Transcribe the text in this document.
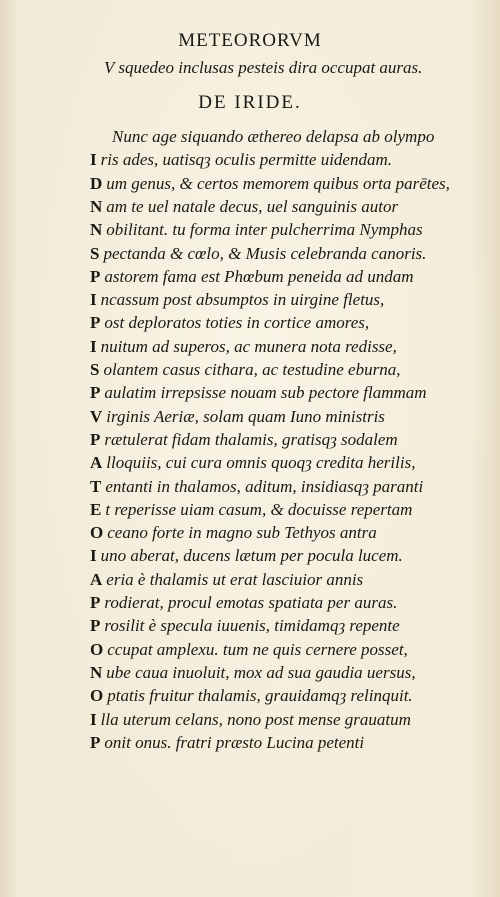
METEORORVM
V squedeo inclusas pesteis dira occupat auras.
DE IRIDE.
Nunc age siquando æthereo delapsa ab olympo
I ris ades, uatisqȝ oculis permitte uidendam.
D um genus, & certos memorem quibus orta parētes,
N am te uel natale decus, uel sanguinis autor
N obilitant. tu forma inter pulcherrima Nymphas
S pectanda & cœlo, & Musis celebranda canoris.
P astorem fama est Phœbum peneida ad undam
I ncassum post absumptos in uirgine fletus,
P ost deploratos toties in cortice amores,
I nuitum ad superos, ac munera nota redisse,
S olantem casus cithara, ac testudine eburna,
P aulatim irrepsisse nouam sub pectore flammam
V irginis Aeriæ, solam quam Iuno ministris
P rætulerat fidam thalamis, gratisqȝ sodalem
A lloquiis, cui cura omnis quoqȝ credita herilis,
T entanti in thalamos, aditum, insidiasqȝ paranti
E t reperisse uiam casum, & docuisse repertam
O ceano forte in magno sub Tethyos antra
I uno aberat, ducens lætum per pocula lucem.
A eria è thalamis ut erat lasciuior annis
P rodierat, procul emotas spatiata per auras.
P rosilit è specula iuuenis, timidamqȝ repente
O ccupat amplexu. tum ne quis cernere posset,
N ube caua inuoluit, mox ad sua gaudia uersus,
O ptatis fruitur thalamis, grauidamqȝ relinquit.
I lla uterum celans, nono post mense grauatum
P onit onus. fratri præsto Lucina petenti
